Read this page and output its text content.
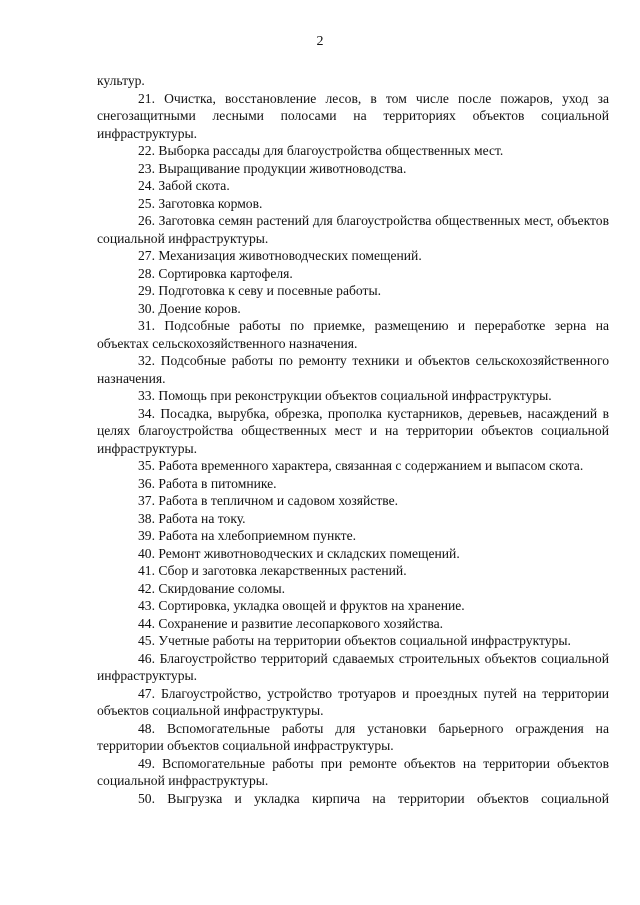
2

культур.

21. Очистка, восстановление лесов, в том числе после пожаров, уход за снегозащитными лесными полосами на территориях объектов социальной инфраструктуры.

22. Выборка рассады для благоустройства общественных мест.

23. Выращивание продукции животноводства.

24. Забой скота.

25. Заготовка кормов.

26. Заготовка семян растений для благоустройства общественных мест, объектов социальной инфраструктуры.

27. Механизация животноводческих помещений.

28. Сортировка картофеля.

29. Подготовка к севу и посевные работы.

30. Доение коров.

31. Подсобные работы по приемке, размещению и переработке зерна на объектах сельскохозяйственного назначения.

32. Подсобные работы по ремонту техники и объектов сельскохозяйственного назначения.

33. Помощь при реконструкции объектов социальной инфраструктуры.

34. Посадка, вырубка, обрезка, прополка кустарников, деревьев, насаждений в целях благоустройства общественных мест и на территории объектов социальной инфраструктуры.

35. Работа временного характера, связанная с содержанием и выпасом скота.

36. Работа в питомнике.

37. Работа в тепличном и садовом хозяйстве.

38. Работа на току.

39. Работа на хлебоприемном пункте.

40. Ремонт животноводческих и складских помещений.

41. Сбор и заготовка лекарственных растений.

42. Скирдование соломы.

43. Сортировка, укладка овощей и фруктов на хранение.

44. Сохранение и развитие лесопаркового хозяйства.

45. Учетные работы на территории объектов социальной инфраструктуры.

46. Благоустройство территорий сдаваемых строительных объектов социальной инфраструктуры.

47. Благоустройство, устройство тротуаров и проездных путей на территории объектов социальной инфраструктуры.

48. Вспомогательные работы для установки барьерного ограждения на территории объектов социальной инфраструктуры.

49. Вспомогательные работы при ремонте объектов на территории объектов социальной инфраструктуры.

50. Выгрузка и укладка кирпича на территории объектов социальной
